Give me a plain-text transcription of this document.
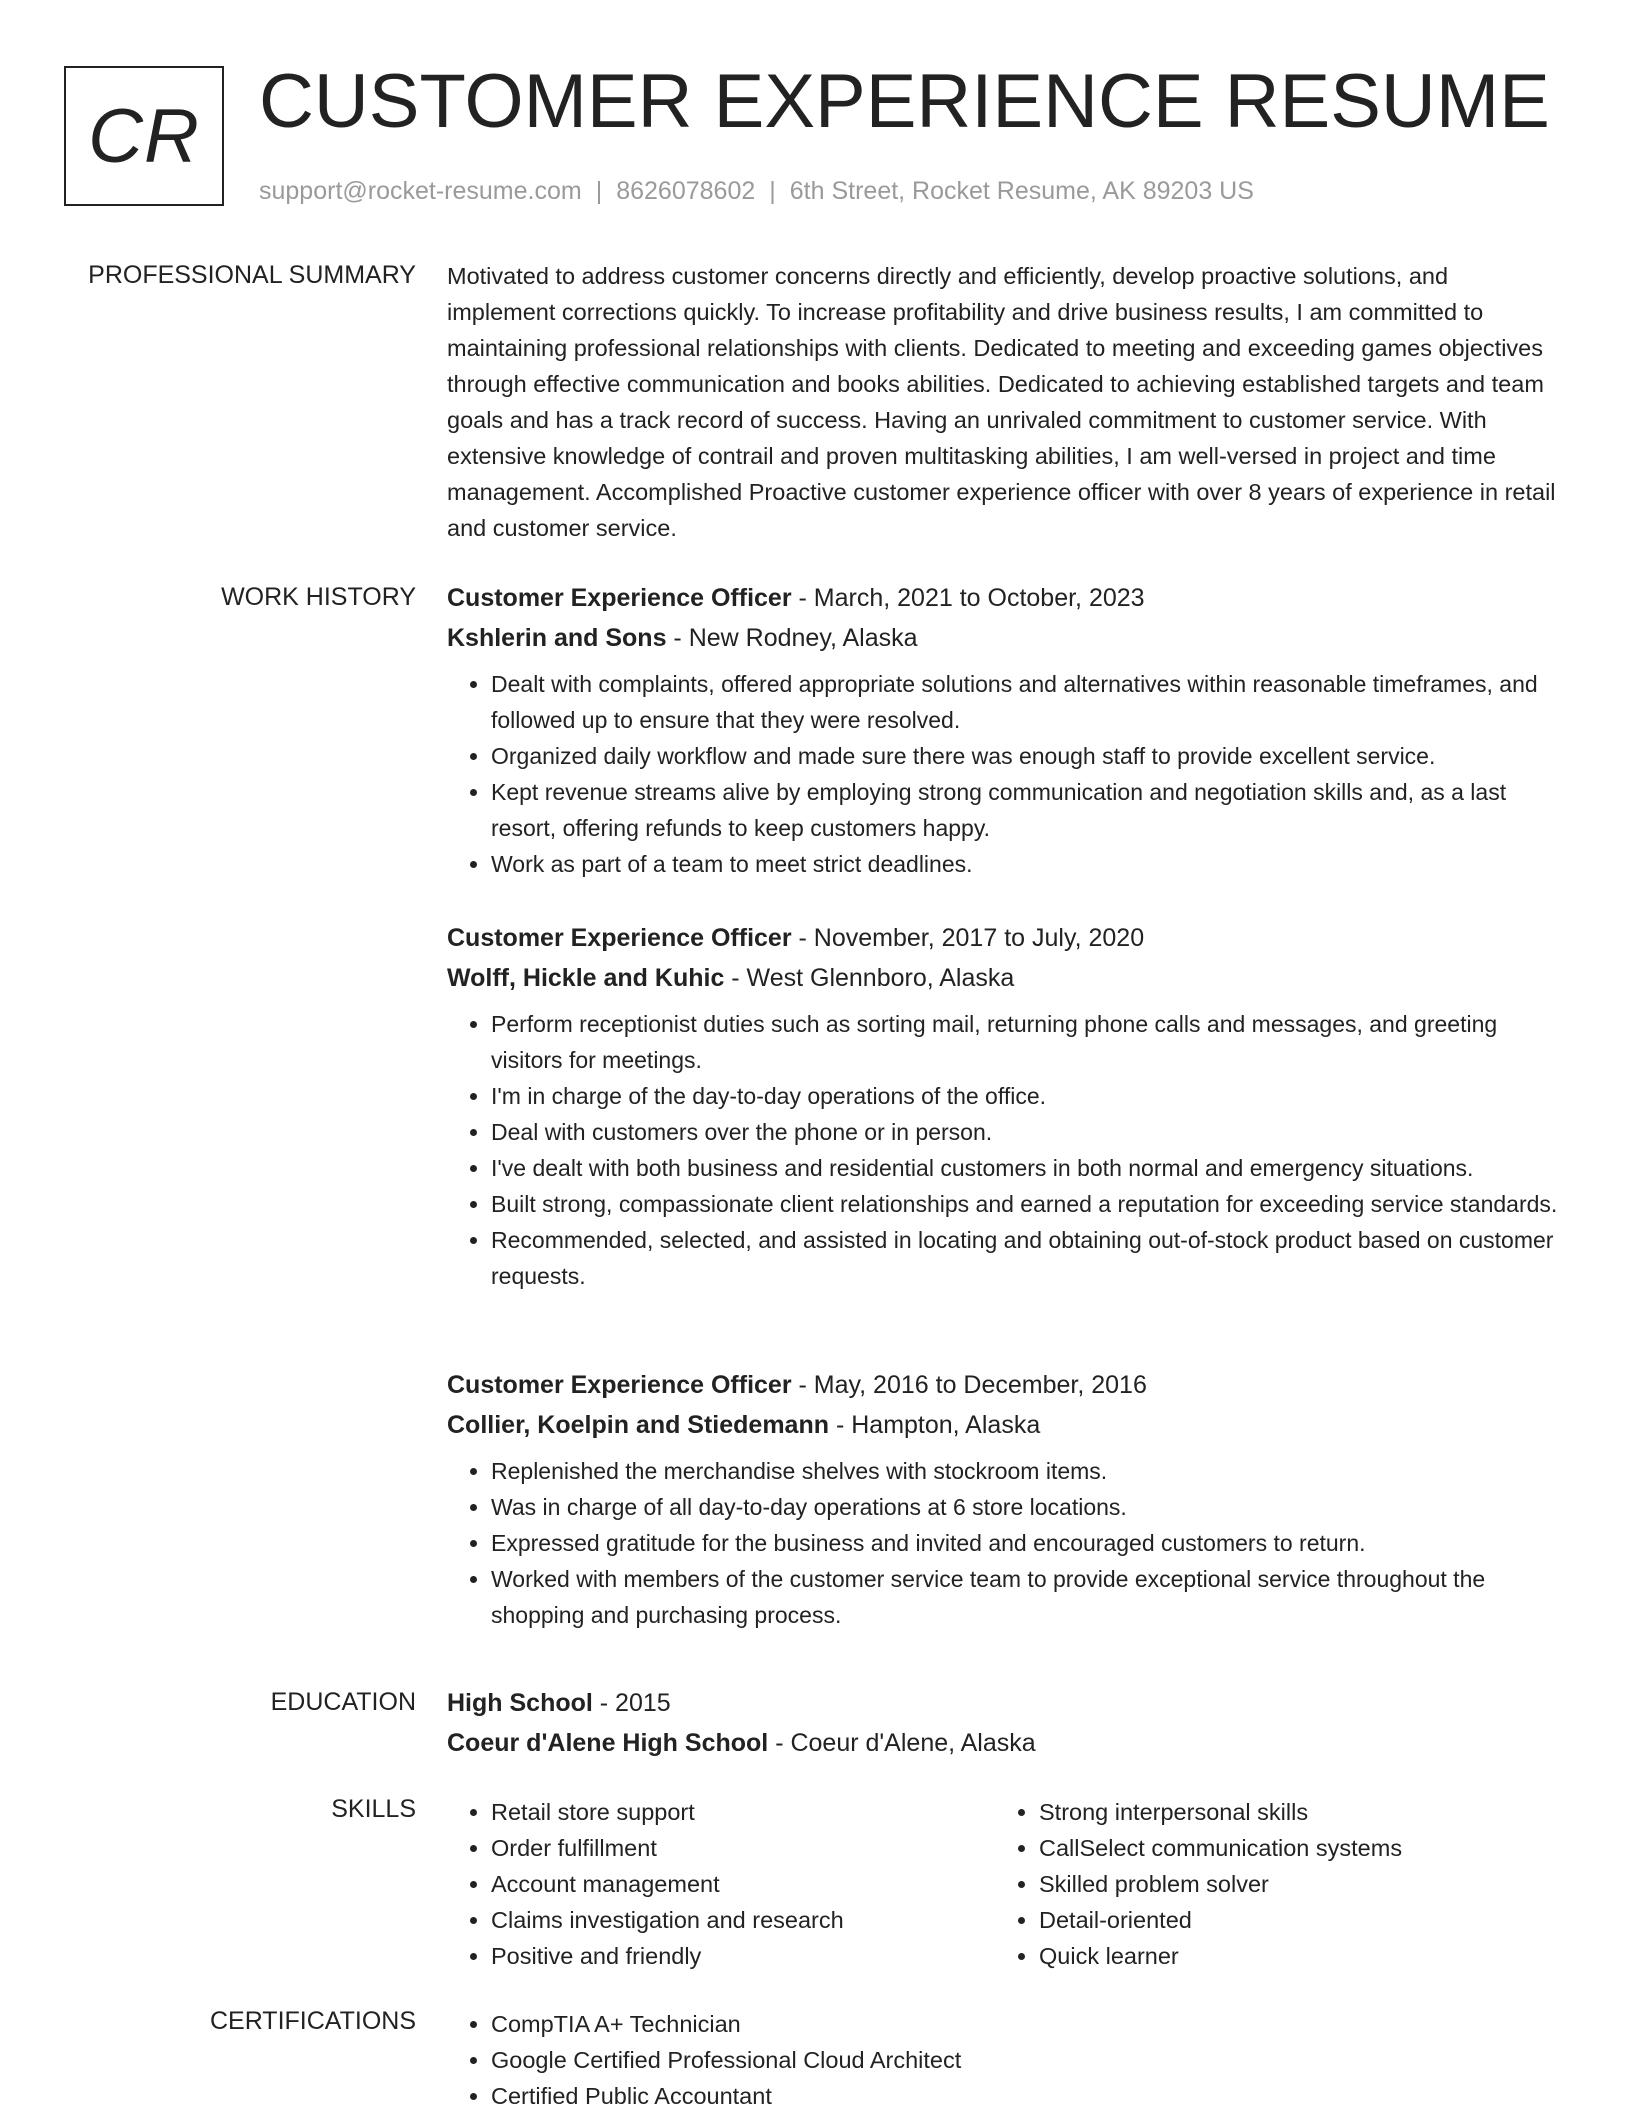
CR CUSTOMER EXPERIENCE RESUME
support@rocket-resume.com | 8626078602 | 6th Street, Rocket Resume, AK 89203 US
PROFESSIONAL SUMMARY Motivated to address customer concerns directly and efficiently, develop proactive solutions, and implement corrections quickly. To increase profitability and drive business results, I am committed to maintaining professional relationships with clients. Dedicated to meeting and exceeding games objectives through effective communication and books abilities. Dedicated to achieving established targets and team goals and has a track record of success. Having an unrivaled commitment to customer service. With extensive knowledge of contrail and proven multitasking abilities, I am well-versed in project and time management. Accomplished Proactive customer experience officer with over 8 years of experience in retail and customer service.
WORK HISTORY Customer Experience Officer - March, 2021 to October, 2023
Kshlerin and Sons - New Rodney, Alaska
• Dealt with complaints, offered appropriate solutions and alternatives within reasonable timeframes, and followed up to ensure that they were resolved.
• Organized daily workflow and made sure there was enough staff to provide excellent service.
• Kept revenue streams alive by employing strong communication and negotiation skills and, as a last resort, offering refunds to keep customers happy.
• Work as part of a team to meet strict deadlines.
Customer Experience Officer - November, 2017 to July, 2020
Wolff, Hickle and Kuhic - West Glennboro, Alaska
• Perform receptionist duties such as sorting mail, returning phone calls and messages, and greeting visitors for meetings.
• I'm in charge of the day-to-day operations of the office.
• Deal with customers over the phone or in person.
• I've dealt with both business and residential customers in both normal and emergency situations.
• Built strong, compassionate client relationships and earned a reputation for exceeding service standards.
• Recommended, selected, and assisted in locating and obtaining out-of-stock product based on customer requests.
Customer Experience Officer - May, 2016 to December, 2016
Collier, Koelpin and Stiedemann - Hampton, Alaska
• Replenished the merchandise shelves with stockroom items.
• Was in charge of all day-to-day operations at 6 store locations.
• Expressed gratitude for the business and invited and encouraged customers to return.
• Worked with members of the customer service team to provide exceptional service throughout the shopping and purchasing process.
EDUCATION High School - 2015
Coeur d'Alene High School - Coeur d'Alene, Alaska
SKILLS	• Retail store support
• Order fulfillment
• Account management
• Claims investigation and research
• Positive and friendly
• Strong interpersonal skills
• CallSelect communication systems
• Skilled problem solver
• Detail-oriented
• Quick learner
CERTIFICATIONS	• CompTIA A+ Technician
• Google Certified Professional Cloud Architect
• Certified Public Accountant
